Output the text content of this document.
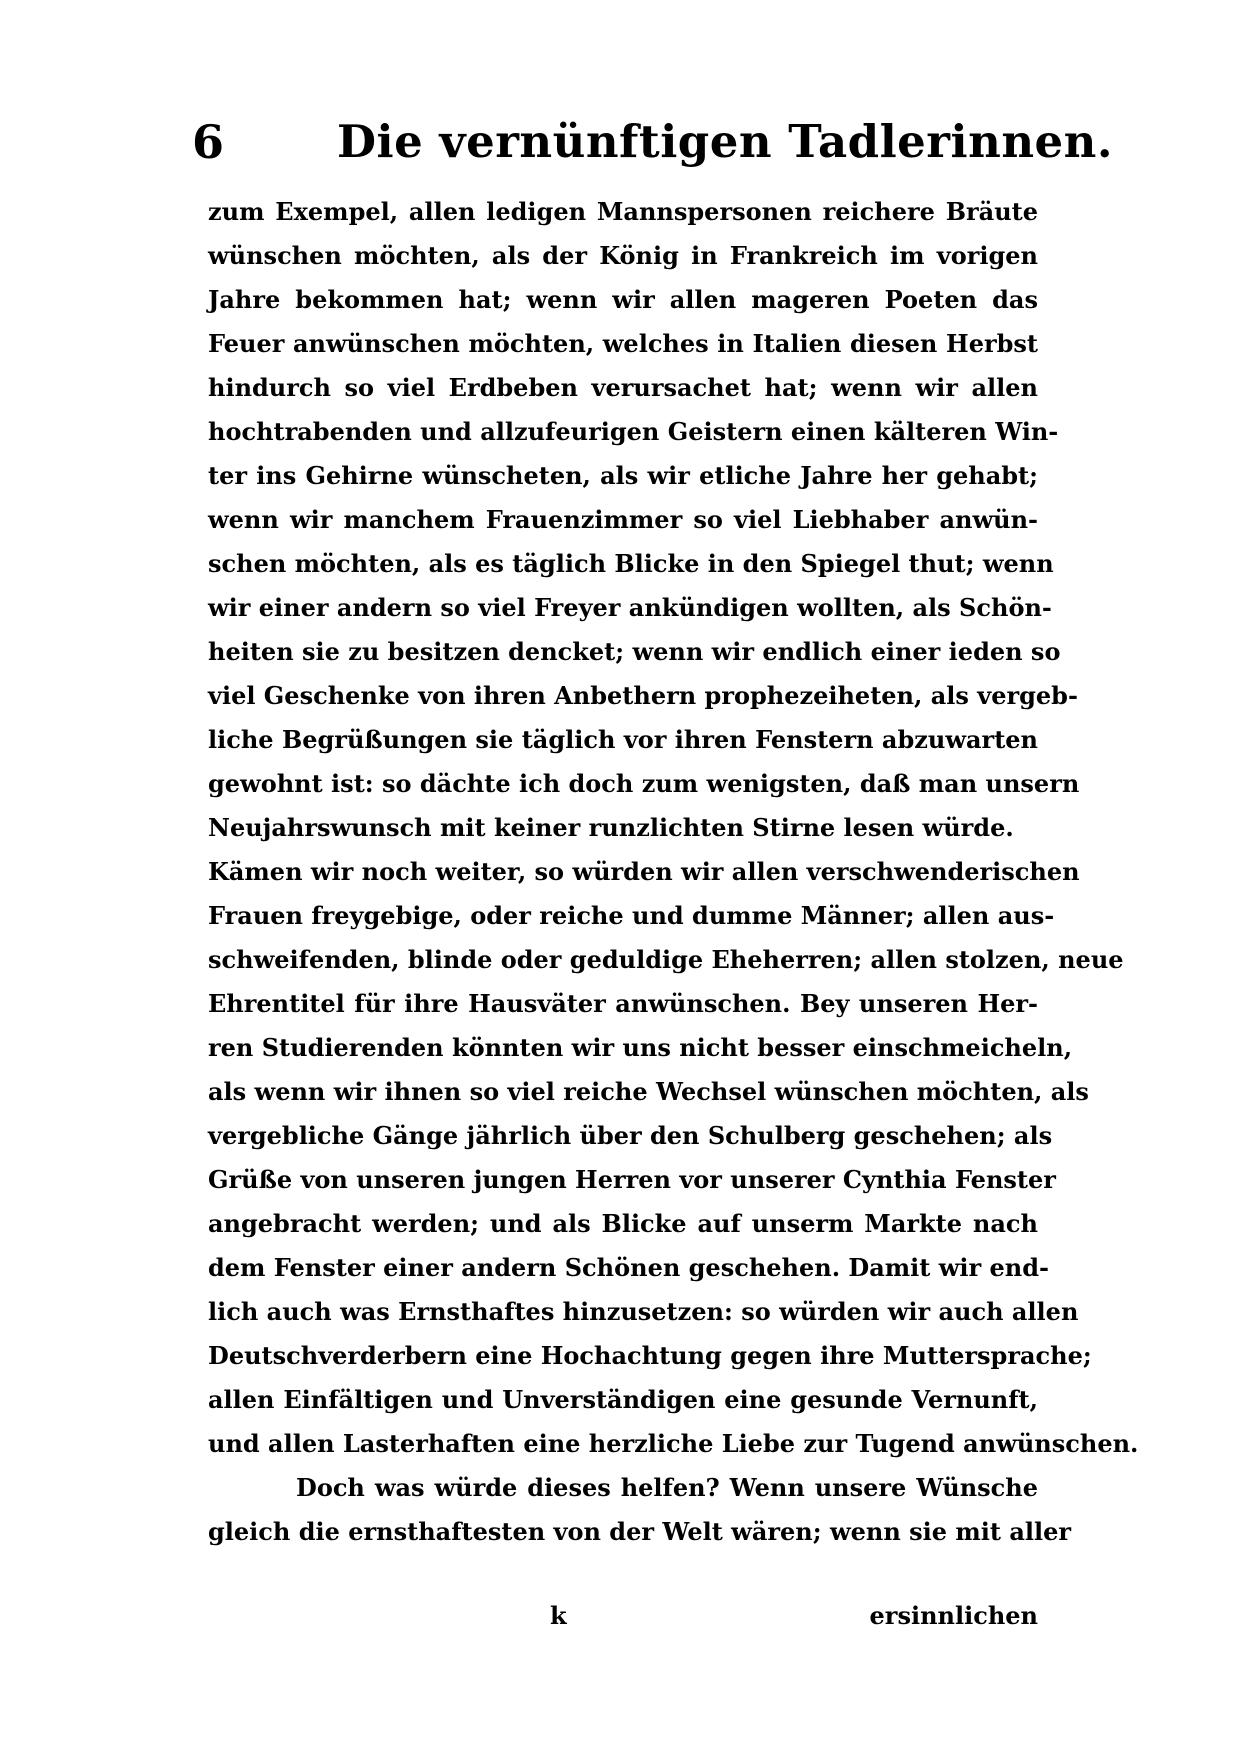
6	Die vernünftigen Tadlerinnen.
zum Exempel, allen ledigen Mannspersonen reichere Bräute
wünschen möchten, als der König in Frankreich im vorigen
Jahre bekommen hat; wenn wir allen mageren Poeten das
Feuer anwünschen möchten, welches in Italien diesen Herbst
hindurch so viel Erdbeben verursachet hat; wenn wir allen
hochtrabenden und allzufeurigen Geistern einen kälteren Win-
ter ins Gehirne wünscheten, als wir etliche Jahre her gehabt;
wenn wir manchem Frauenzimmer so viel Liebhaber anwün-
schen möchten, als es täglich Blicke in den Spiegel thut; wenn
wir einer andern so viel Freyer ankündigen wollten, als Schön-
heiten sie zu besitzen dencket; wenn wir endlich einer ieden so
viel Geschenke von ihren Anbethern prophezeiheten, als vergeb-
liche Begrüßungen sie täglich vor ihren Fenstern abzuwarten
gewohnt ist: so dächte ich doch zum wenigsten, daß man unsern
Neujahrswunsch mit keiner runzlichten Stirne lesen würde.
Kämen wir noch weiter, so würden wir allen verschwenderischen
Frauen freygebige, oder reiche und dumme Männer; allen aus-
schweifenden, blinde oder geduldige Eheherren; allen stolzen, neue
Ehrentitel für ihre Hausväter anwünschen. Bey unseren Her-
ren Studierenden könnten wir uns nicht besser einschmeicheln,
als wenn wir ihnen so viel reiche Wechsel wünschen möchten, als
vergebliche Gänge jährlich über den Schulberg geschehen; als
Grüße von unseren jungen Herren vor unserer Cynthia Fenster
angebracht werden; und als Blicke auf unserm Markte nach
dem Fenster einer andern Schönen geschehen. Damit wir end-
lich auch was Ernsthaftes hinzusetzen: so würden wir auch allen
Deutschverderbern eine Hochachtung gegen ihre Muttersprache;
allen Einfältigen und Unverständigen eine gesunde Vernunft,
und allen Lasterhaften eine herzliche Liebe zur Tugend anwünschen.
Doch was würde dieses helfen? Wenn unsere Wünsche
gleich die ernsthaftesten von der Welt wären; wenn sie mit aller
k	ersinnlichen
